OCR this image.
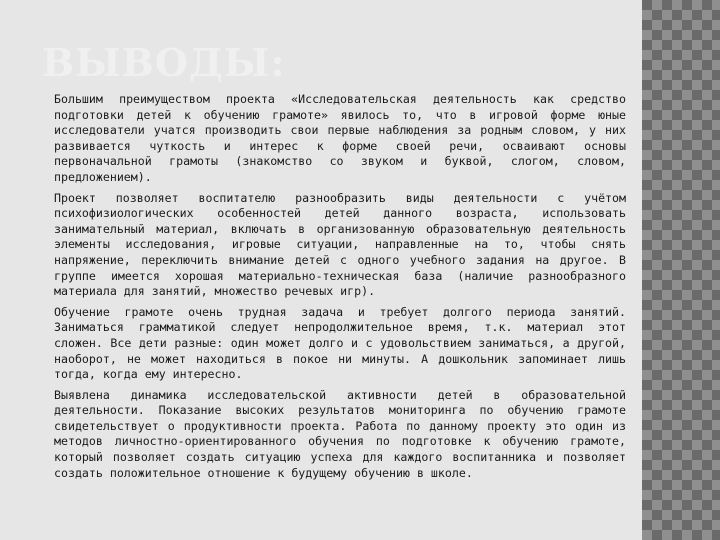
ВЫВОДЫ:

Большим преимуществом проекта «Исследовательская деятельность как средство подготовки детей к обучению грамоте» явилось то, что в игровой форме юные исследователи учатся производить свои первые наблюдения за родным словом, у них развивается чуткость и интерес к форме своей речи, осваивают основы первоначальной грамоты (знакомство со звуком и буквой, слогом, словом, предложением).

Проект позволяет воспитателю разнообразить виды деятельности с учётом психофизиологических особенностей детей данного возраста, использовать занимательный материал, включать в организованную образовательную деятельность элементы исследования, игровые ситуации, направленные на то, чтобы снять напряжение, переключить внимание детей с одного учебного задания на другое. В группе имеется хорошая материально-техническая база (наличие разнообразного материала для занятий, множество речевых игр).

Обучение грамоте очень трудная задача и требует долгого периода занятий. Заниматься грамматикой следует непродолжительное время, т.к. материал этот сложен. Все дети разные: один может долго и с удовольствием заниматься, а другой, наоборот, не может находиться в покое ни минуты. А дошкольник запоминает лишь тогда, когда ему интересно.

Выявлена динамика исследовательской активности детей в образовательной деятельности. Показание высоких результатов мониторинга по обучению грамоте свидетельствует о продуктивности проекта. Работа по данному проекту это один из методов личностно-ориентированного обучения по подготовке к обучению грамоте, который позволяет создать ситуацию успеха для каждого воспитанника и позволяет создать положительное отношение к будущему обучению в школе.
